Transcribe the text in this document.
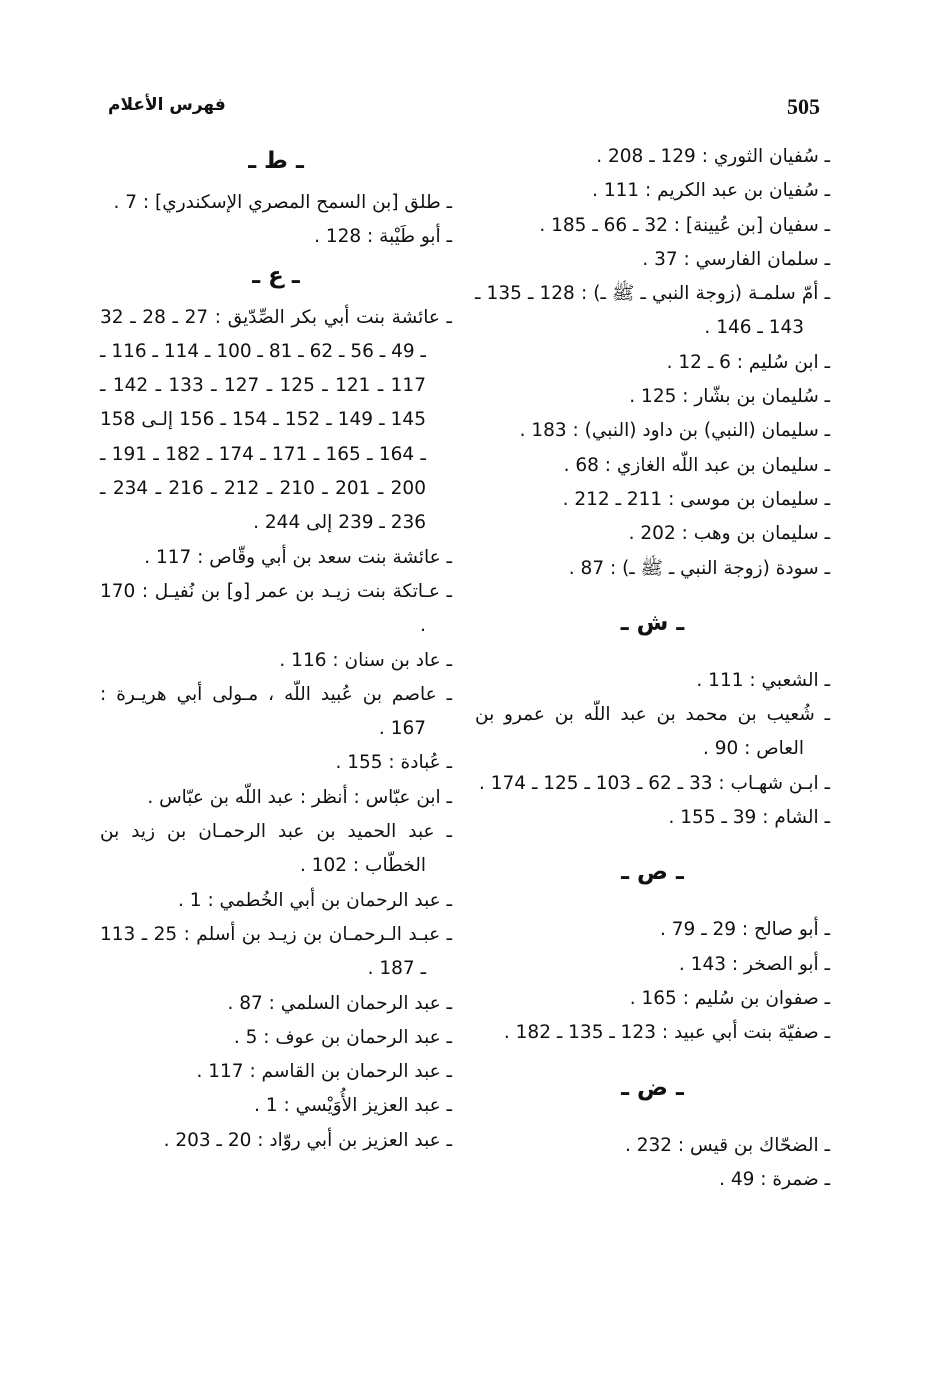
505
فهرس الأعلام

ـ سُفيان الثوري : 129 ـ 208 .

ـ سُفيان بن عبد الكريم : 111 .

ـ سفيان [بن عُيينة] : 32 ـ 66 ـ 185 .

ـ سلمان الفارسي : 37 .

ـ أمّ سلمـة (زوجة النبي ـ ﷺ ـ) : 128 ـ 135 ـ 143 ـ 146 .

ـ ابن سُليم : 6 ـ 12 .

ـ سُليمان بن بشّار : 125 .

ـ سليمان (النبي) بن داود (النبي) : 183 .

ـ سليمان بن عبد اللّه الغازي : 68 .

ـ سليمان بن موسى : 211 ـ 212 .

ـ سليمان بن وهب : 202 .

ـ سودة (زوجة النبي ـ ﷺ ـ) : 87 .

ـ ش ـ

ـ الشعبي : 111 .

ـ شُعيب بن محمد بن عبد اللّه بن عمرو بن العاص : 90 .

ـ ابـن شهـاب : 33 ـ 62 ـ 103 ـ 125 ـ 174 .

ـ الشام : 39 ـ 155 .

ـ ص ـ

ـ أبو صالح : 29 ـ 79 .

ـ أبو الصخر : 143 .

ـ صفوان بن سُليم : 165 .

ـ صفيّة بنت أبي عبيد : 123 ـ 135 ـ 182 .

ـ ض ـ

ـ الضحّاك بن قيس : 232 .

ـ ضمرة : 49 .

ـ ط ـ

ـ طلق [بن السمح المصري الإسكندري] : 7 .

ـ أبو طَيْبة : 128 .

ـ ع ـ

ـ عائشة بنت أبي بكر الصِّدّيق : 27 ـ 28 ـ 32 ـ 49 ـ 56 ـ 62 ـ 81 ـ 100 ـ 114 ـ 116 ـ 117 ـ 121 ـ 125 ـ 127 ـ 133 ـ 142 ـ 145 ـ 149 ـ 152 ـ 154 ـ 156 إلـى 158 ـ 164 ـ 165 ـ 171 ـ 174 ـ 182 ـ 191 ـ 200 ـ 201 ـ 210 ـ 212 ـ 216 ـ 234 ـ 236 ـ 239 إلى 244 .

ـ عائشة بنت سعد بن أبي وقّاص : 117 .

ـ عـاتكة بنت زيـد بن عمر [و] بن نُفيـل : 170 .

ـ عاد بن سنان : 116 .

ـ عاصم بن عُبيد اللّه ، مـولى أبي هريـرة : 167 .

ـ عُبادة : 155 .

ـ ابن عبّاس : أنظر : عبد اللّه بن عبّاس .

ـ عبد الحميد بن عبد الرحمـان بن زيد بن الخطّاب : 102 .

ـ عبد الرحمان بن أبي الخُطمي : 1 .

ـ عبـد الـرحمـان بن زيـد بن أسلم : 25 ـ 113 ـ 187 .

ـ عبد الرحمان السلمي : 87 .

ـ عبد الرحمان بن عوف : 5 .

ـ عبد الرحمان بن القاسم : 117 .

ـ عبد العزيز الأُوَيْسي : 1 .

ـ عبد العزيز بن أبي روّاد : 20 ـ 203 .
